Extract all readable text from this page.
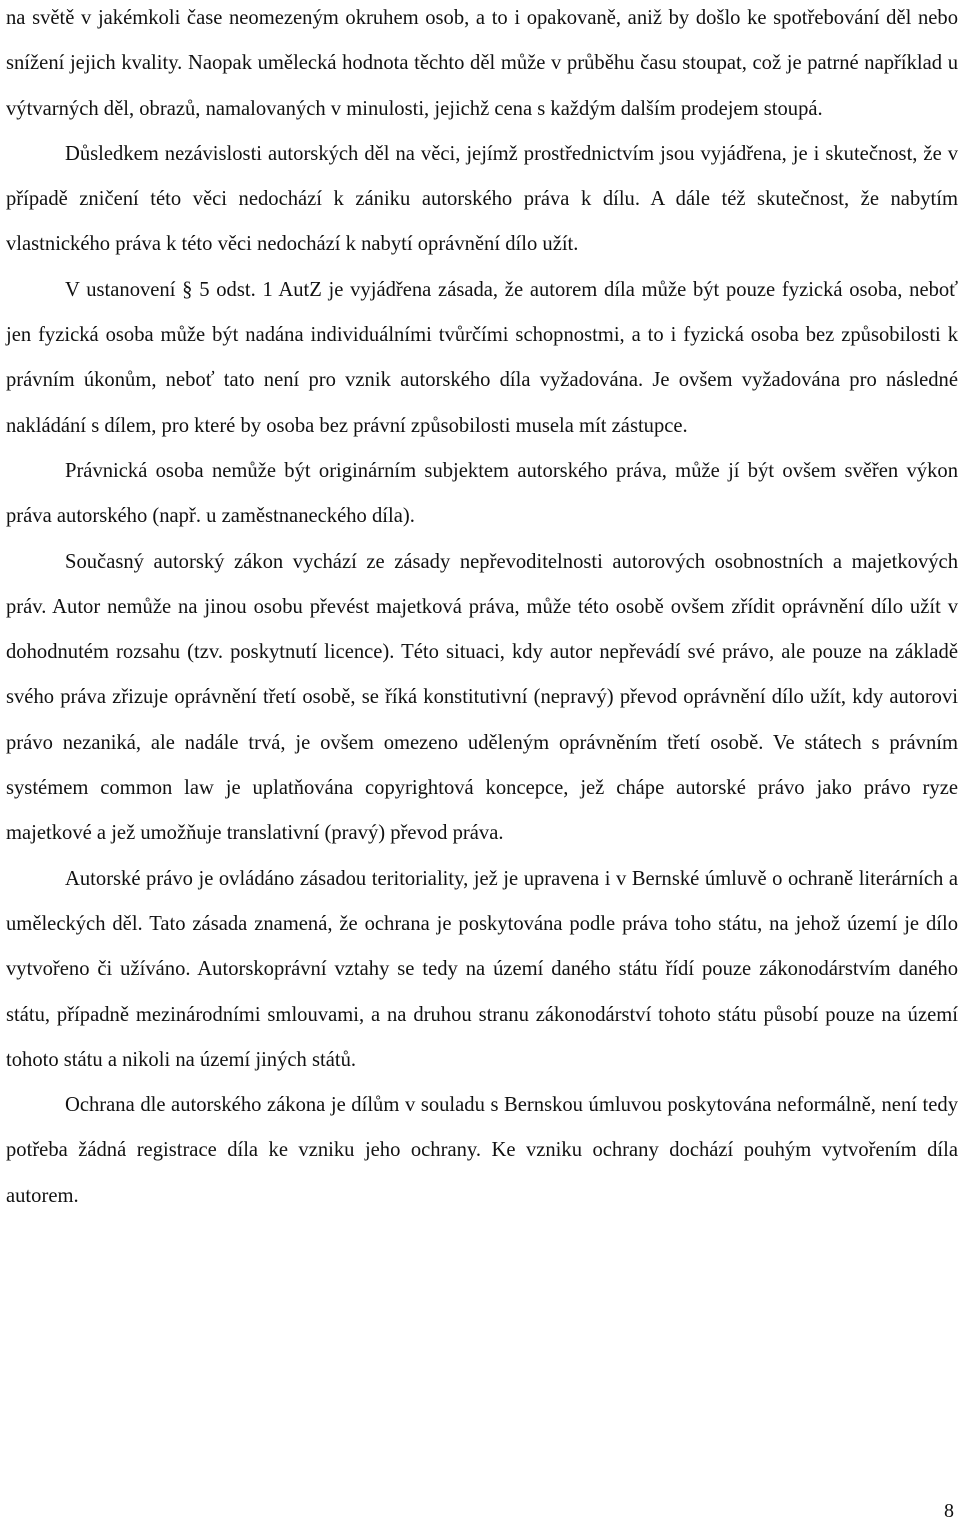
na světě v jakémkoli čase neomezeným okruhem osob, a to i opakovaně, aniž by došlo ke spotřebování děl nebo snížení jejich kvality. Naopak umělecká hodnota těchto děl může v průběhu času stoupat, což je patrné například u výtvarných děl, obrazů, namalovaných v minulosti, jejichž cena s každým dalším prodejem stoupá.

Důsledkem nezávislosti autorských děl na věci, jejímž prostřednictvím jsou vyjádřena, je i skutečnost, že v případě zničení této věci nedochází k zániku autorského práva k dílu. A dále též skutečnost, že nabytím vlastnického práva k této věci nedochází k nabytí oprávnění dílo užít.

V ustanovení § 5 odst. 1 AutZ je vyjádřena zásada, že autorem díla může být pouze fyzická osoba, neboť jen fyzická osoba může být nadána individuálními tvůrčími schopnostmi, a to i fyzická osoba bez způsobilosti k právním úkonům, neboť tato není pro vznik autorského díla vyžadována. Je ovšem vyžadována pro následné nakládání s dílem, pro které by osoba bez právní způsobilosti musela mít zástupce.

Právnická osoba nemůže být originárním subjektem autorského práva, může jí být ovšem svěřen výkon práva autorského (např. u zaměstnaneckého díla).

Současný autorský zákon vychází ze zásady nepřevoditelnosti autorových osobnostních a majetkových práv. Autor nemůže na jinou osobu převést majetková práva, může této osobě ovšem zřídit oprávnění dílo užít v dohodnutém rozsahu (tzv. poskytnutí licence). Této situaci, kdy autor nepřevádí své právo, ale pouze na základě svého práva zřizuje oprávnění třetí osobě, se říká konstitutivní (nepravý) převod oprávnění dílo užít, kdy autorovi právo nezaniká, ale nadále trvá, je ovšem omezeno uděleným oprávněním třetí osobě. Ve státech s právním systémem common law je uplatňována copyrightová koncepce, jež chápe autorské právo jako právo ryze majetkové a jež umožňuje translativní (pravý) převod práva.

Autorské právo je ovládáno zásadou teritoriality, jež je upravena i v Bernské úmluvě o ochraně literárních a uměleckých děl. Tato zásada znamená, že ochrana je poskytována podle práva toho státu, na jehož území je dílo vytvořeno či užíváno. Autorskoprávní vztahy se tedy na území daného státu řídí pouze zákonodárstvím daného státu, případně mezinárodními smlouvami, a na druhou stranu zákonodárství tohoto státu působí pouze na území tohoto státu a nikoli na území jiných států.

Ochrana dle autorského zákona je dílům v souladu s Bernskou úmluvou poskytována neformálně, není tedy potřeba žádná registrace díla ke vzniku jeho ochrany. Ke vzniku ochrany dochází pouhým vytvořením díla autorem.

8
